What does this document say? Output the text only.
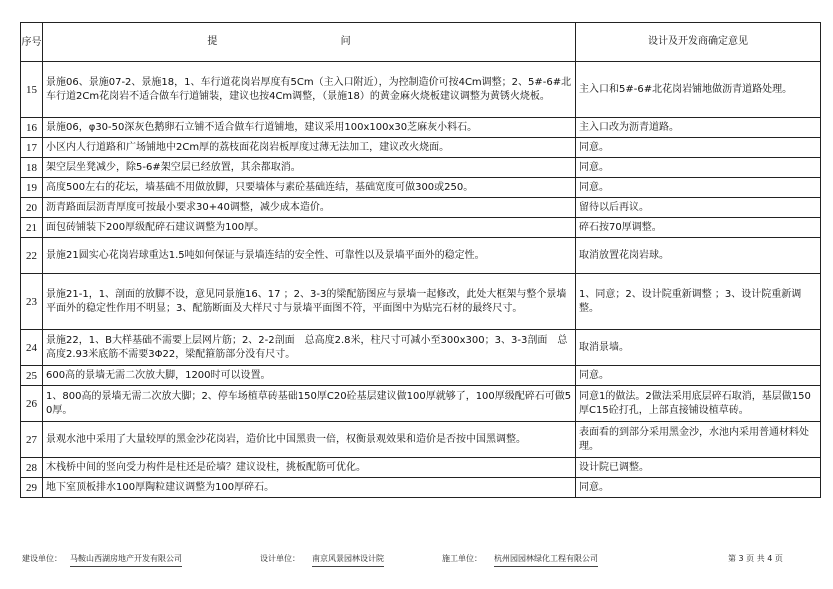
序号	提 问	设计及开发商确定意见
15	景施06、景施07-2、景施18，1、车行道花岗岩厚度有5Cm（主入口附近），为控制造价可按4Cm调整；2、5#-6#北车行道2Cm花岗岩不适合做车行道铺装，建议也按4Cm调整，（景施18）的黄金麻火烧板建议调整为黄锈火烧板。	主入口和5#-6#北花岗岩铺地做沥青道路处理。
16	景施06，φ30-50深灰色鹅卵石立铺不适合做车行道铺地，建议采用100x100x30芝麻灰小料石。	主入口改为沥青道路。
17	小区内人行道路和广场铺地中2Cm厚的荔枝面花岗岩板厚度过薄无法加工，建议改火烧面。	同意。
18	架空层坐凳减少，除5-6#架空层已经放置，其余都取消。	同意。
19	高度500左右的花坛，墙基础不用做放脚，只要墙体与素砼基础连结，基础宽度可做300或250。	同意。
20	沥青路面层沥青厚度可按最小要求30+40调整，减少成本造价。	留待以后再议。
21	面包砖铺装下200厚级配碎石建议调整为100厚。	碎石按70厚调整。
22	景施21圆实心花岗岩球重达1.5吨如何保证与景墙连结的安全性、可靠性以及景墙平面外的稳定性。	取消放置花岗岩球。
23	景施21-1，1、剖面的放脚不设，意见同景施16、17 ；2、3-3的梁配筋图应与景墙一起修改，此处大框架与整个景墙平面外的稳定性作用不明显；3、配筋断面及大样尺寸与景墙平面图不符，平面图中为贴完石材的最终尺寸。	1、同意；2、设计院重新调整 ；3、设计院重新调整。
24	景施22，1、B大样基础不需要上层网片筋；2、2-2剖面　总高度2.8米，柱尺寸可减小至300x300；3、3-3剖面　总高度2.93米底筋不需要3Φ22，梁配箍筋部分没有尺寸。	取消景墙。
25	600高的景墙无需二次放大脚，1200时可以设置。	同意。
26	1、800高的景墙无需二次放大脚；2、停车场植草砖基础150厚C20砼基层建议做100厚就够了，100厚级配碎石可做50厚。	同意1的做法。2做法采用底层碎石取消，基层做150厚C15砼打孔，上部直接铺设植草砖。
27	景观水池中采用了大量较厚的黑金沙花岗岩，造价比中国黑贵一倍，权衡景观效果和造价是否按中国黑调整。	表面看的到部分采用黑金沙，水池内采用普通材料处理。
28	木栈桥中间的竖向受力构件是柱还是砼墙？建议设柱，挑板配筋可优化。	设计院已调整。
29	地下室顶板排水100厚陶粒建议调整为100厚碎石。	同意。
建设单位： 马鞍山西湖房地产开发有限公司	设计单位： 南京风景园林设计院	施工单位： 杭州园园林绿化工程有限公司	第 3 页 共 4 页
